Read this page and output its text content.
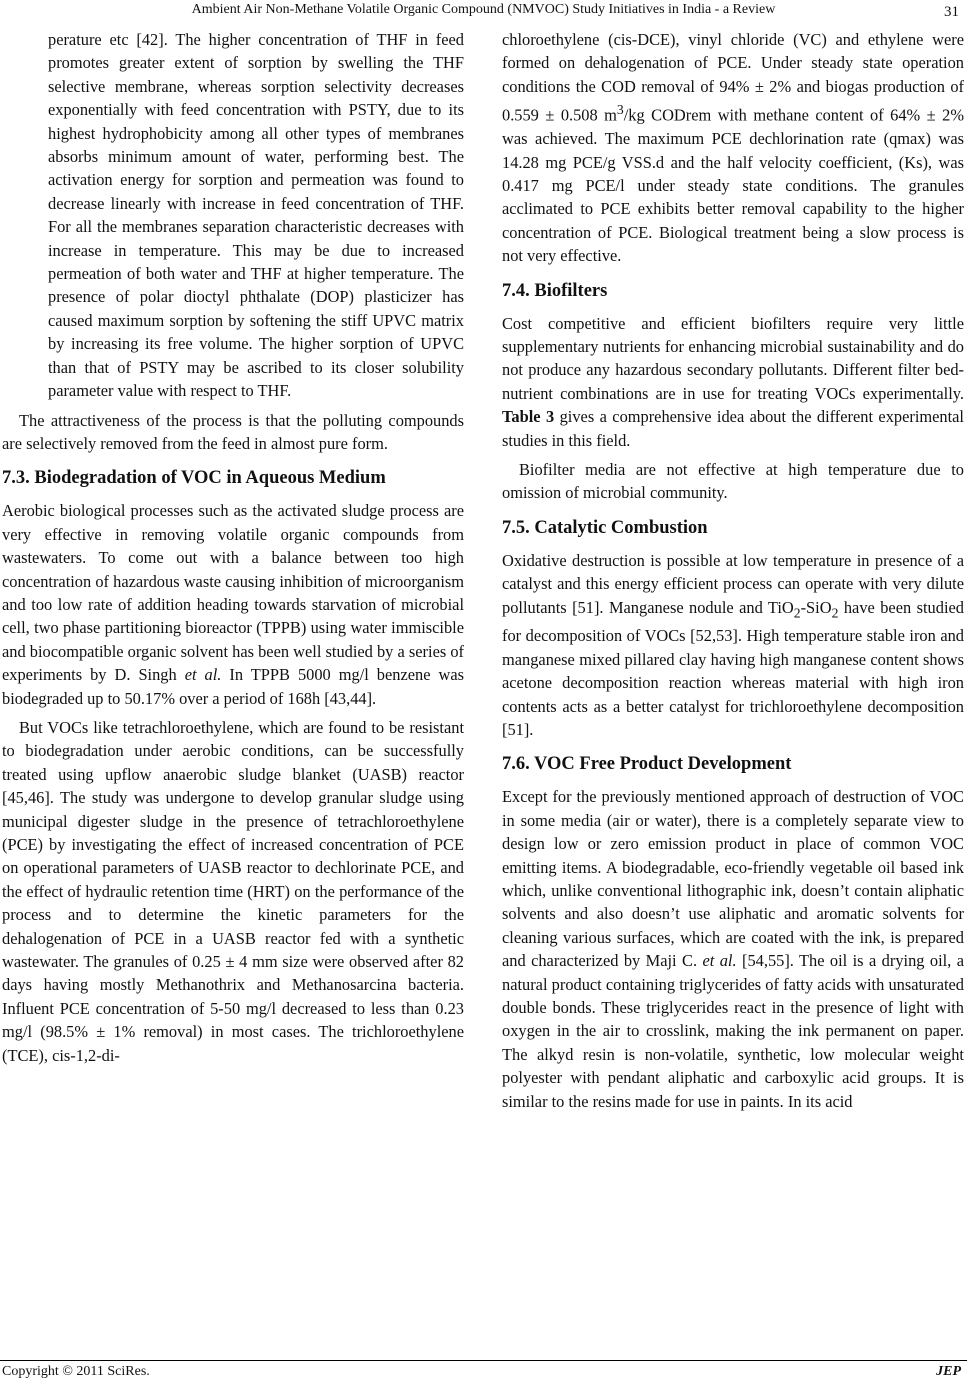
Ambient Air Non-Methane Volatile Organic Compound (NMVOC) Study Initiatives in India - a Review	31

perature etc [42]. The higher concentration of THF in feed promotes greater extent of sorption by swelling the THF selective membrane, whereas sorption selectivity decreases exponentially with feed concentration with PSTY, due to its highest hydrophobicity among all other types of membranes absorbs minimum amount of water, performing best. The activation energy for sorption and permeation was found to decrease linearly with increase in feed concentration of THF. For all the membranes separation characteristic decreases with increase in temperature. This may be due to increased permeation of both water and THF at higher temperature. The presence of polar dioctyl phthalate (DOP) plasticizer has caused maximum sorption by softening the stiff UPVC matrix by increasing its free volume. The higher sorption of UPVC than that of PSTY may be ascribed to its closer solubility parameter value with respect to THF.

The attractiveness of the process is that the polluting compounds are selectively removed from the feed in almost pure form.

7.3. Biodegradation of VOC in Aqueous Medium

Aerobic biological processes such as the activated sludge process are very effective in removing volatile organic compounds from wastewaters. To come out with a balance between too high concentration of hazardous waste causing inhibition of microorganism and too low rate of addition heading towards starvation of microbial cell, two phase partitioning bioreactor (TPPB) using water immiscible and biocompatible organic solvent has been well studied by a series of experiments by D. Singh et al. In TPPB 5000 mg/l benzene was biodegraded up to 50.17% over a period of 168h [43,44].

But VOCs like tetrachloroethylene, which are found to be resistant to biodegradation under aerobic conditions, can be successfully treated using upflow anaerobic sludge blanket (UASB) reactor [45,46]. The study was undergone to develop granular sludge using municipal digester sludge in the presence of tetrachloroethylene (PCE) by investigating the effect of increased concentration of PCE on operational parameters of UASB reactor to dechlorinate PCE, and the effect of hydraulic retention time (HRT) on the performance of the process and to determine the kinetic parameters for the dehalogenation of PCE in a UASB reactor fed with a synthetic wastewater. The granules of 0.25 ± 4 mm size were observed after 82 days having mostly Methanothrix and Methanosarcina bacteria. Influent PCE concentration of 5-50 mg/l decreased to less than 0.23 mg/l (98.5% ± 1% removal) in most cases. The trichloroethylene (TCE), cis-1,2-di-

chloroethylene (cis-DCE), vinyl chloride (VC) and ethylene were formed on dehalogenation of PCE. Under steady state operation conditions the COD removal of 94% ± 2% and biogas production of 0.559 ± 0.508 $m^3/kg$ CODrem with methane content of 64% ± 2% was achieved. The maximum PCE dechlorination rate (qmax) was 14.28 mg PCE/g VSS.d and the half velocity coefficient, (Ks), was 0.417 mg PCE/l under steady state conditions. The granules acclimated to PCE exhibits better removal capability to the higher concentration of PCE. Biological treatment being a slow process is not very effective.

7.4. Biofilters

Cost competitive and efficient biofilters require very little supplementary nutrients for enhancing microbial sustainability and do not produce any hazardous secondary pollutants. Different filter bed-nutrient combinations are in use for treating VOCs experimentally. Table 3 gives a comprehensive idea about the different experimental studies in this field.

Biofilter media are not effective at high temperature due to omission of microbial community.

7.5. Catalytic Combustion

Oxidative destruction is possible at low temperature in presence of a catalyst and this energy efficient process can operate with very dilute pollutants [51]. Manganese nodule and TiO$_2$-SiO$_2$ have been studied for decomposition of VOCs [52,53]. High temperature stable iron and manganese mixed pillared clay having high manganese content shows acetone decomposition reaction whereas material with high iron contents acts as a better catalyst for trichloroethylene decomposition [51].

7.6. VOC Free Product Development

Except for the previously mentioned approach of destruction of VOC in some media (air or water), there is a completely separate view to design low or zero emission product in place of common VOC emitting items. A biodegradable, eco-friendly vegetable oil based ink which, unlike conventional lithographic ink, doesn’t contain aliphatic solvents and also doesn’t use aliphatic and aromatic solvents for cleaning various surfaces, which are coated with the ink, is prepared and characterized by Maji C. et al. [54,55]. The oil is a drying oil, a natural product containing triglycerides of fatty acids with unsaturated double bonds. These triglycerides react in the presence of light with oxygen in the air to crosslink, making the ink permanent on paper. The alkyd resin is non-volatile, synthetic, low molecular weight polyester with pendant aliphatic and carboxylic acid groups. It is similar to the resins made for use in paints. In its acid

Copyright © 2011 SciRes.	JEP
